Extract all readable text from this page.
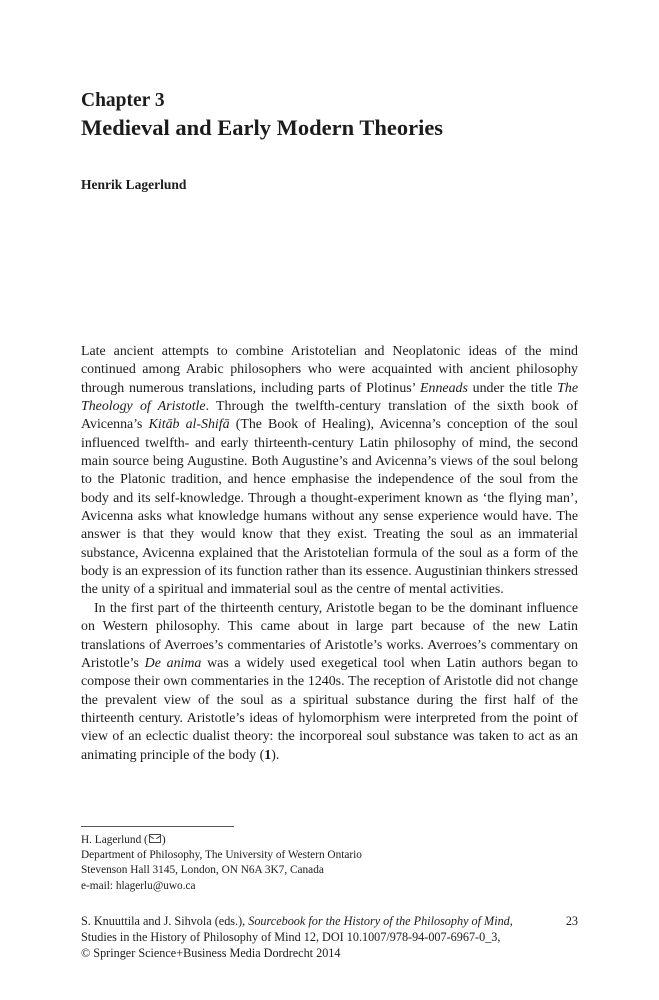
Chapter 3
Medieval and Early Modern Theories
Henrik Lagerlund

Late ancient attempts to combine Aristotelian and Neoplatonic ideas of the mind continued among Arabic philosophers who were acquainted with ancient philosophy through numerous translations, including parts of Plotinus’ Enneads under the title The Theology of Aristotle. Through the twelfth-century translation of the sixth book of Avicenna’s Kitāb al-Shifā (The Book of Healing), Avicenna’s conception of the soul influenced twelfth- and early thirteenth-century Latin philosophy of mind, the second main source being Augustine. Both Augustine’s and Avicenna’s views of the soul belong to the Platonic tradition, and hence emphasise the independence of the soul from the body and its self-knowledge. Through a thought-experiment known as ‘the flying man’, Avicenna asks what knowledge humans without any sense experience would have. The answer is that they would know that they exist. Treating the soul as an immaterial substance, Avicenna explained that the Aristotelian formula of the soul as a form of the body is an expression of its function rather than its essence. Augustinian thinkers stressed the unity of a spiritual and immaterial soul as the centre of mental activities.

In the first part of the thirteenth century, Aristotle began to be the dominant influence on Western philosophy. This came about in large part because of the new Latin translations of Averroes’s commentaries of Aristotle’s works. Averroes’s commentary on Aristotle’s De anima was a widely used exegetical tool when Latin authors began to compose their own commentaries in the 1240s. The reception of Aristotle did not change the prevalent view of the soul as a spiritual substance during the first half of the thirteenth century. Aristotle’s ideas of hylomorphism were interpreted from the point of view of an eclectic dualist theory: the incorporeal soul substance was taken to act as an animating principle of the body (1).

H. Lagerlund ( )
Department of Philosophy, The University of Western Ontario
Stevenson Hall 3145, London, ON N6A 3K7, Canada
e-mail: hlagerlu@uwo.ca
S. Knuuttila and J. Sihvola (eds.), Sourcebook for the History of the Philosophy of Mind,	23
Studies in the History of Philosophy of Mind 12, DOI 10.1007/978-94-007-6967-0_3,
© Springer Science+Business Media Dordrecht 2014
